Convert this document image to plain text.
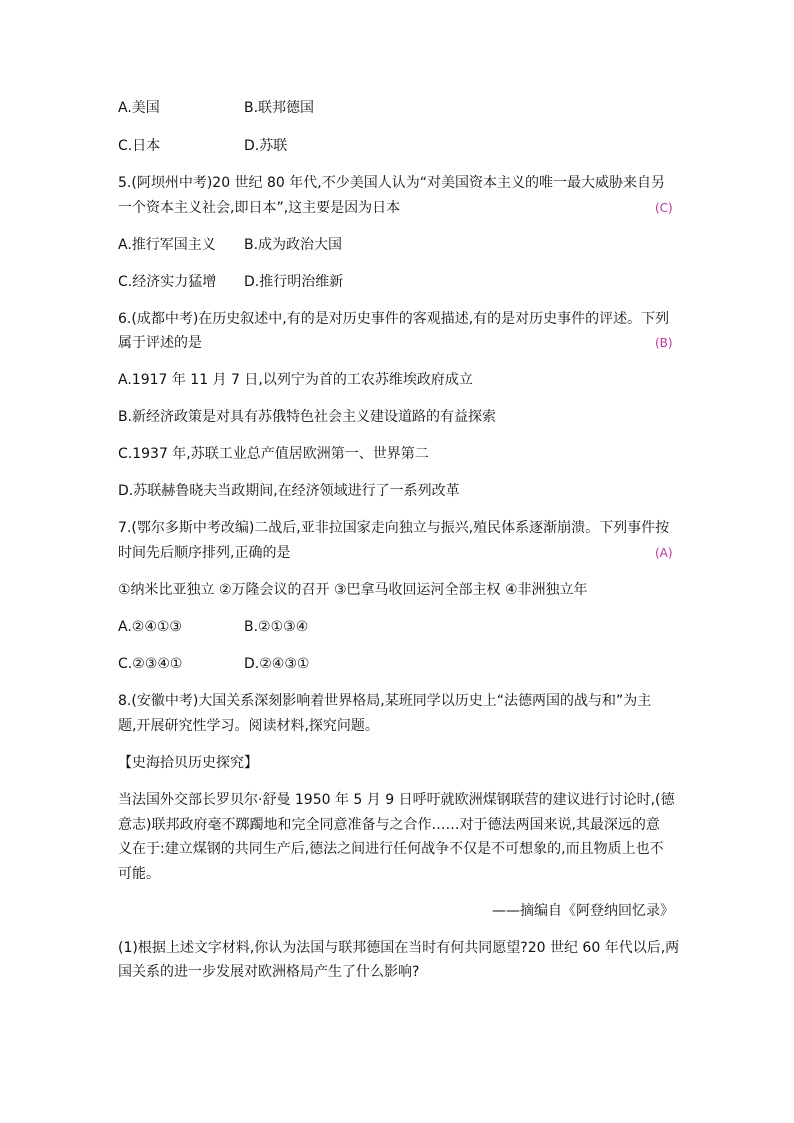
A.美国	B.联邦德国
C.日本	D.苏联
5.(阿坝州中考)20 世纪 80 年代,不少美国人认为“对美国资本主义的唯一最大威胁来自另
一个资本主义社会,即日本”,这主要是因为日本	(C)
A.推行军国主义 B.成为政治大国
C.经济实力猛增 D.推行明治维新
6.(成都中考)在历史叙述中,有的是对历史事件的客观描述,有的是对历史事件的评述。下列
属于评述的是	(B)
A.1917 年 11 月 7 日,以列宁为首的工农苏维埃政府成立
B.新经济政策是对具有苏俄特色社会主义建设道路的有益探索
C.1937 年,苏联工业总产值居欧洲第一、世界第二
D.苏联赫鲁晓夫当政期间,在经济领域进行了一系列改革
7.(鄂尔多斯中考改编)二战后,亚非拉国家走向独立与振兴,殖民体系逐渐崩溃。下列事件按
时间先后顺序排列,正确的是	(A)
①纳米比亚独立 ②万隆会议的召开 ③巴拿马收回运河全部主权 ④非洲独立年
A.②④①③	B.②①③④
C.②③④①	D.②④③①
8.(安徽中考)大国关系深刻影响着世界格局,某班同学以历史上“法德两国的战与和”为主
题,开展研究性学习。阅读材料,探究问题。
【史海拾贝历史探究】
当法国外交部长罗贝尔·舒曼 1950 年 5 月 9 日呼吁就欧洲煤钢联营的建议进行讨论时,(德
意志)联邦政府毫不踯躅地和完全同意准备与之合作……对于德法两国来说,其最深远的意
义在于:建立煤钢的共同生产后,德法之间进行任何战争不仅是不可想象的,而且物质上也不
可能。
——摘编自《阿登纳回忆录》
(1)根据上述文字材料,你认为法国与联邦德国在当时有何共同愿望?20 世纪 60 年代以后,两
国关系的进一步发展对欧洲格局产生了什么影响?
